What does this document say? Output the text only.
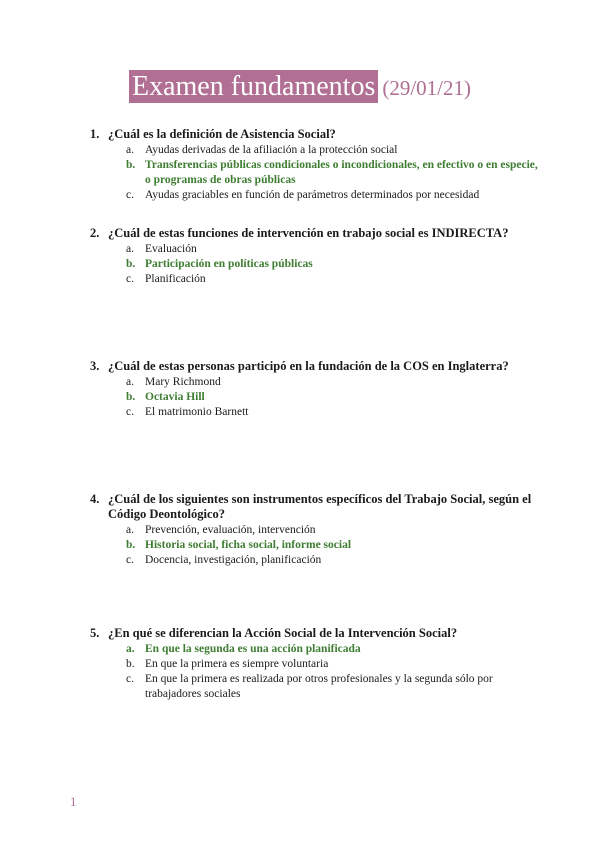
Examen fundamentos (29/01/21)
1. ¿Cuál es la definición de Asistencia Social?
a. Ayudas derivadas de la afiliación a la protección social
b. Transferencias públicas condicionales o incondicionales, en efectivo o en especie, o programas de obras públicas
c. Ayudas graciables en función de parámetros determinados por necesidad
2. ¿Cuál de estas funciones de intervención en trabajo social es INDIRECTA?
a. Evaluación
b. Participación en políticas públicas
c. Planificación
3. ¿Cuál de estas personas participó en la fundación de la COS en Inglaterra?
a. Mary Richmond
b. Octavia Hill
c. El matrimonio Barnett
4. ¿Cuál de los siguientes son instrumentos específicos del Trabajo Social, según el Código Deontológico?
a. Prevención, evaluación, intervención
b. Historia social, ficha social, informe social
c. Docencia, investigación, planificación
5. ¿En qué se diferencian la Acción Social de la Intervención Social?
a. En que la segunda es una acción planificada
b. En que la primera es siempre voluntaria
c. En que la primera es realizada por otros profesionales y la segunda sólo por trabajadores sociales
1
